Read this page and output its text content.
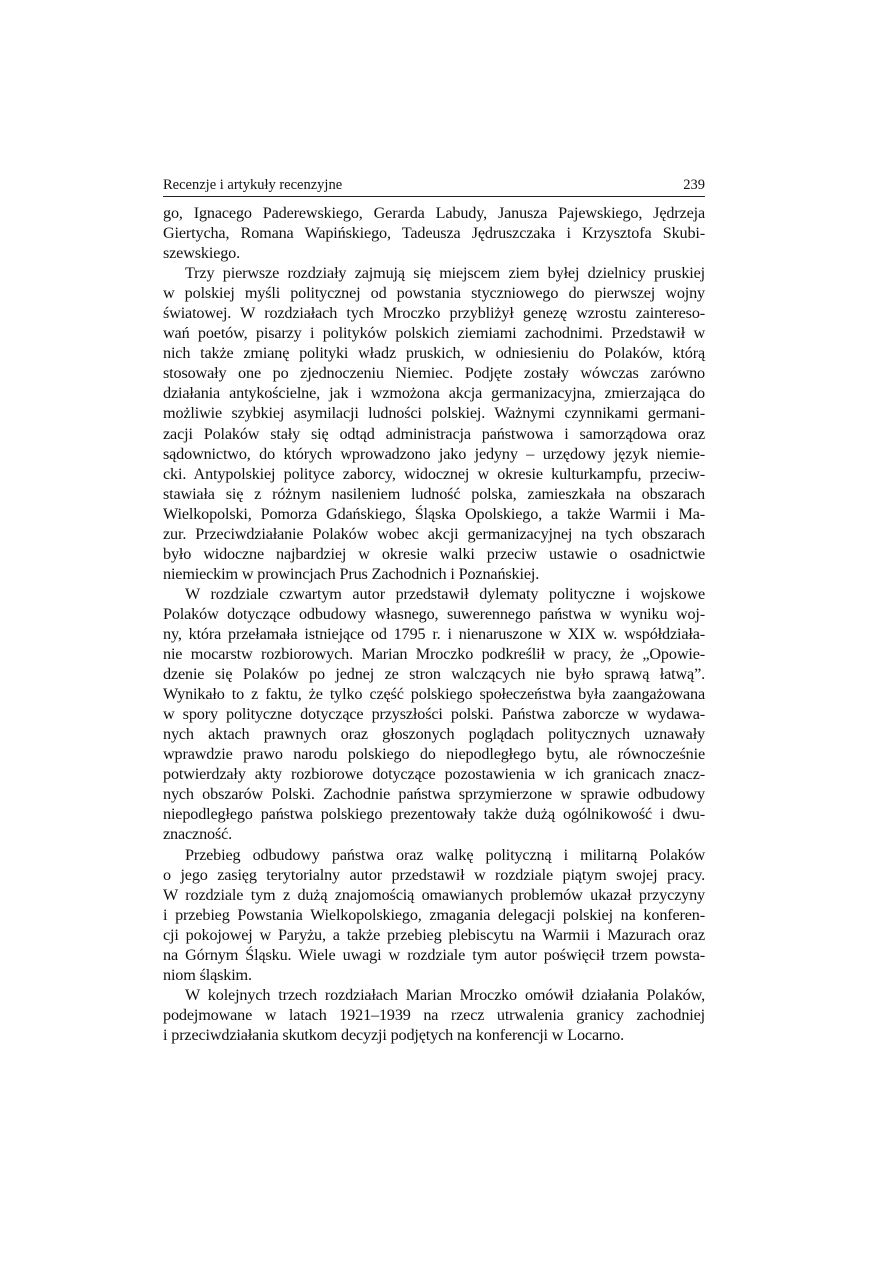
Recenzje i artykuły recenzyjne	239
go, Ignacego Paderewskiego, Gerarda Labudy, Janusza Pajewskiego, Jędrzeja
Giertycha, Romana Wapińskiego, Tadeusza Jędruszczaka i Krzysztofa Skubi-
szewskiego.
Trzy pierwsze rozdziały zajmują się miejscem ziem byłej dzielnicy pruskiej
w polskiej myśli politycznej od powstania styczniowego do pierwszej wojny
światowej. W rozdziałach tych Mroczko przybliżył genezę wzrostu zaintereso-
wań poetów, pisarzy i polityków polskich ziemiami zachodnimi. Przedstawił w
nich także zmianę polityki władz pruskich, w odniesieniu do Polaków, którą
stosowały one po zjednoczeniu Niemiec. Podjęte zostały wówczas zarówno
działania antykościelne, jak i wzmożona akcja germanizacyjna, zmierzająca do
możliwie szybkiej asymilacji ludności polskiej. Ważnymi czynnikami germani-
zacji Polaków stały się odtąd administracja państwowa i samorządowa oraz
sądownictwo, do których wprowadzono jako jedyny – urzędowy język niemie-
cki. Antypolskiej polityce zaborcy, widocznej w okresie kulturkampfu, przeciw-
stawiała się z różnym nasileniem ludność polska, zamieszkała na obszarach
Wielkopolski, Pomorza Gdańskiego, Śląska Opolskiego, a także Warmii i Ma-
zur. Przeciwdziałanie Polaków wobec akcji germanizacyjnej na tych obszarach
było widoczne najbardziej w okresie walki przeciw ustawie o osadnictwie
niemieckim w prowincjach Prus Zachodnich i Poznańskiej.
W rozdziale czwartym autor przedstawił dylematy polityczne i wojskowe
Polaków dotyczące odbudowy własnego, suwerennego państwa w wyniku woj-
ny, która przełamała istniejące od 1795 r. i nienaruszone w XIX w. współdziała-
nie mocarstw rozbiorowych. Marian Mroczko podkreślił w pracy, że „Opowie-
dzenie się Polaków po jednej ze stron walczących nie było sprawą łatwą”.
Wynikało to z faktu, że tylko część polskiego społeczeństwa była zaangażowana
w spory polityczne dotyczące przyszłości polski. Państwa zaborcze w wydawa-
nych aktach prawnych oraz głoszonych poglądach politycznych uznawały
wprawdzie prawo narodu polskiego do niepodległego bytu, ale równocześnie
potwierdzały akty rozbiorowe dotyczące pozostawienia w ich granicach znacz-
nych obszarów Polski. Zachodnie państwa sprzymierzone w sprawie odbudowy
niepodległego państwa polskiego prezentowały także dużą ogólnikowość i dwu-
znaczność.
Przebieg odbudowy państwa oraz walkę polityczną i militarną Polaków
o jego zasięg terytorialny autor przedstawił w rozdziale piątym swojej pracy.
W rozdziale tym z dużą znajomością omawianych problemów ukazał przyczyny
i przebieg Powstania Wielkopolskiego, zmagania delegacji polskiej na konferen-
cji pokojowej w Paryżu, a także przebieg plebiscytu na Warmii i Mazurach oraz
na Górnym Śląsku. Wiele uwagi w rozdziale tym autor poświęcił trzem powsta-
niom śląskim.
W kolejnych trzech rozdziałach Marian Mroczko omówił działania Polaków,
podejmowane w latach 1921–1939 na rzecz utrwalenia granicy zachodniej
i przeciwdziałania skutkom decyzji podjętych na konferencji w Locarno.
